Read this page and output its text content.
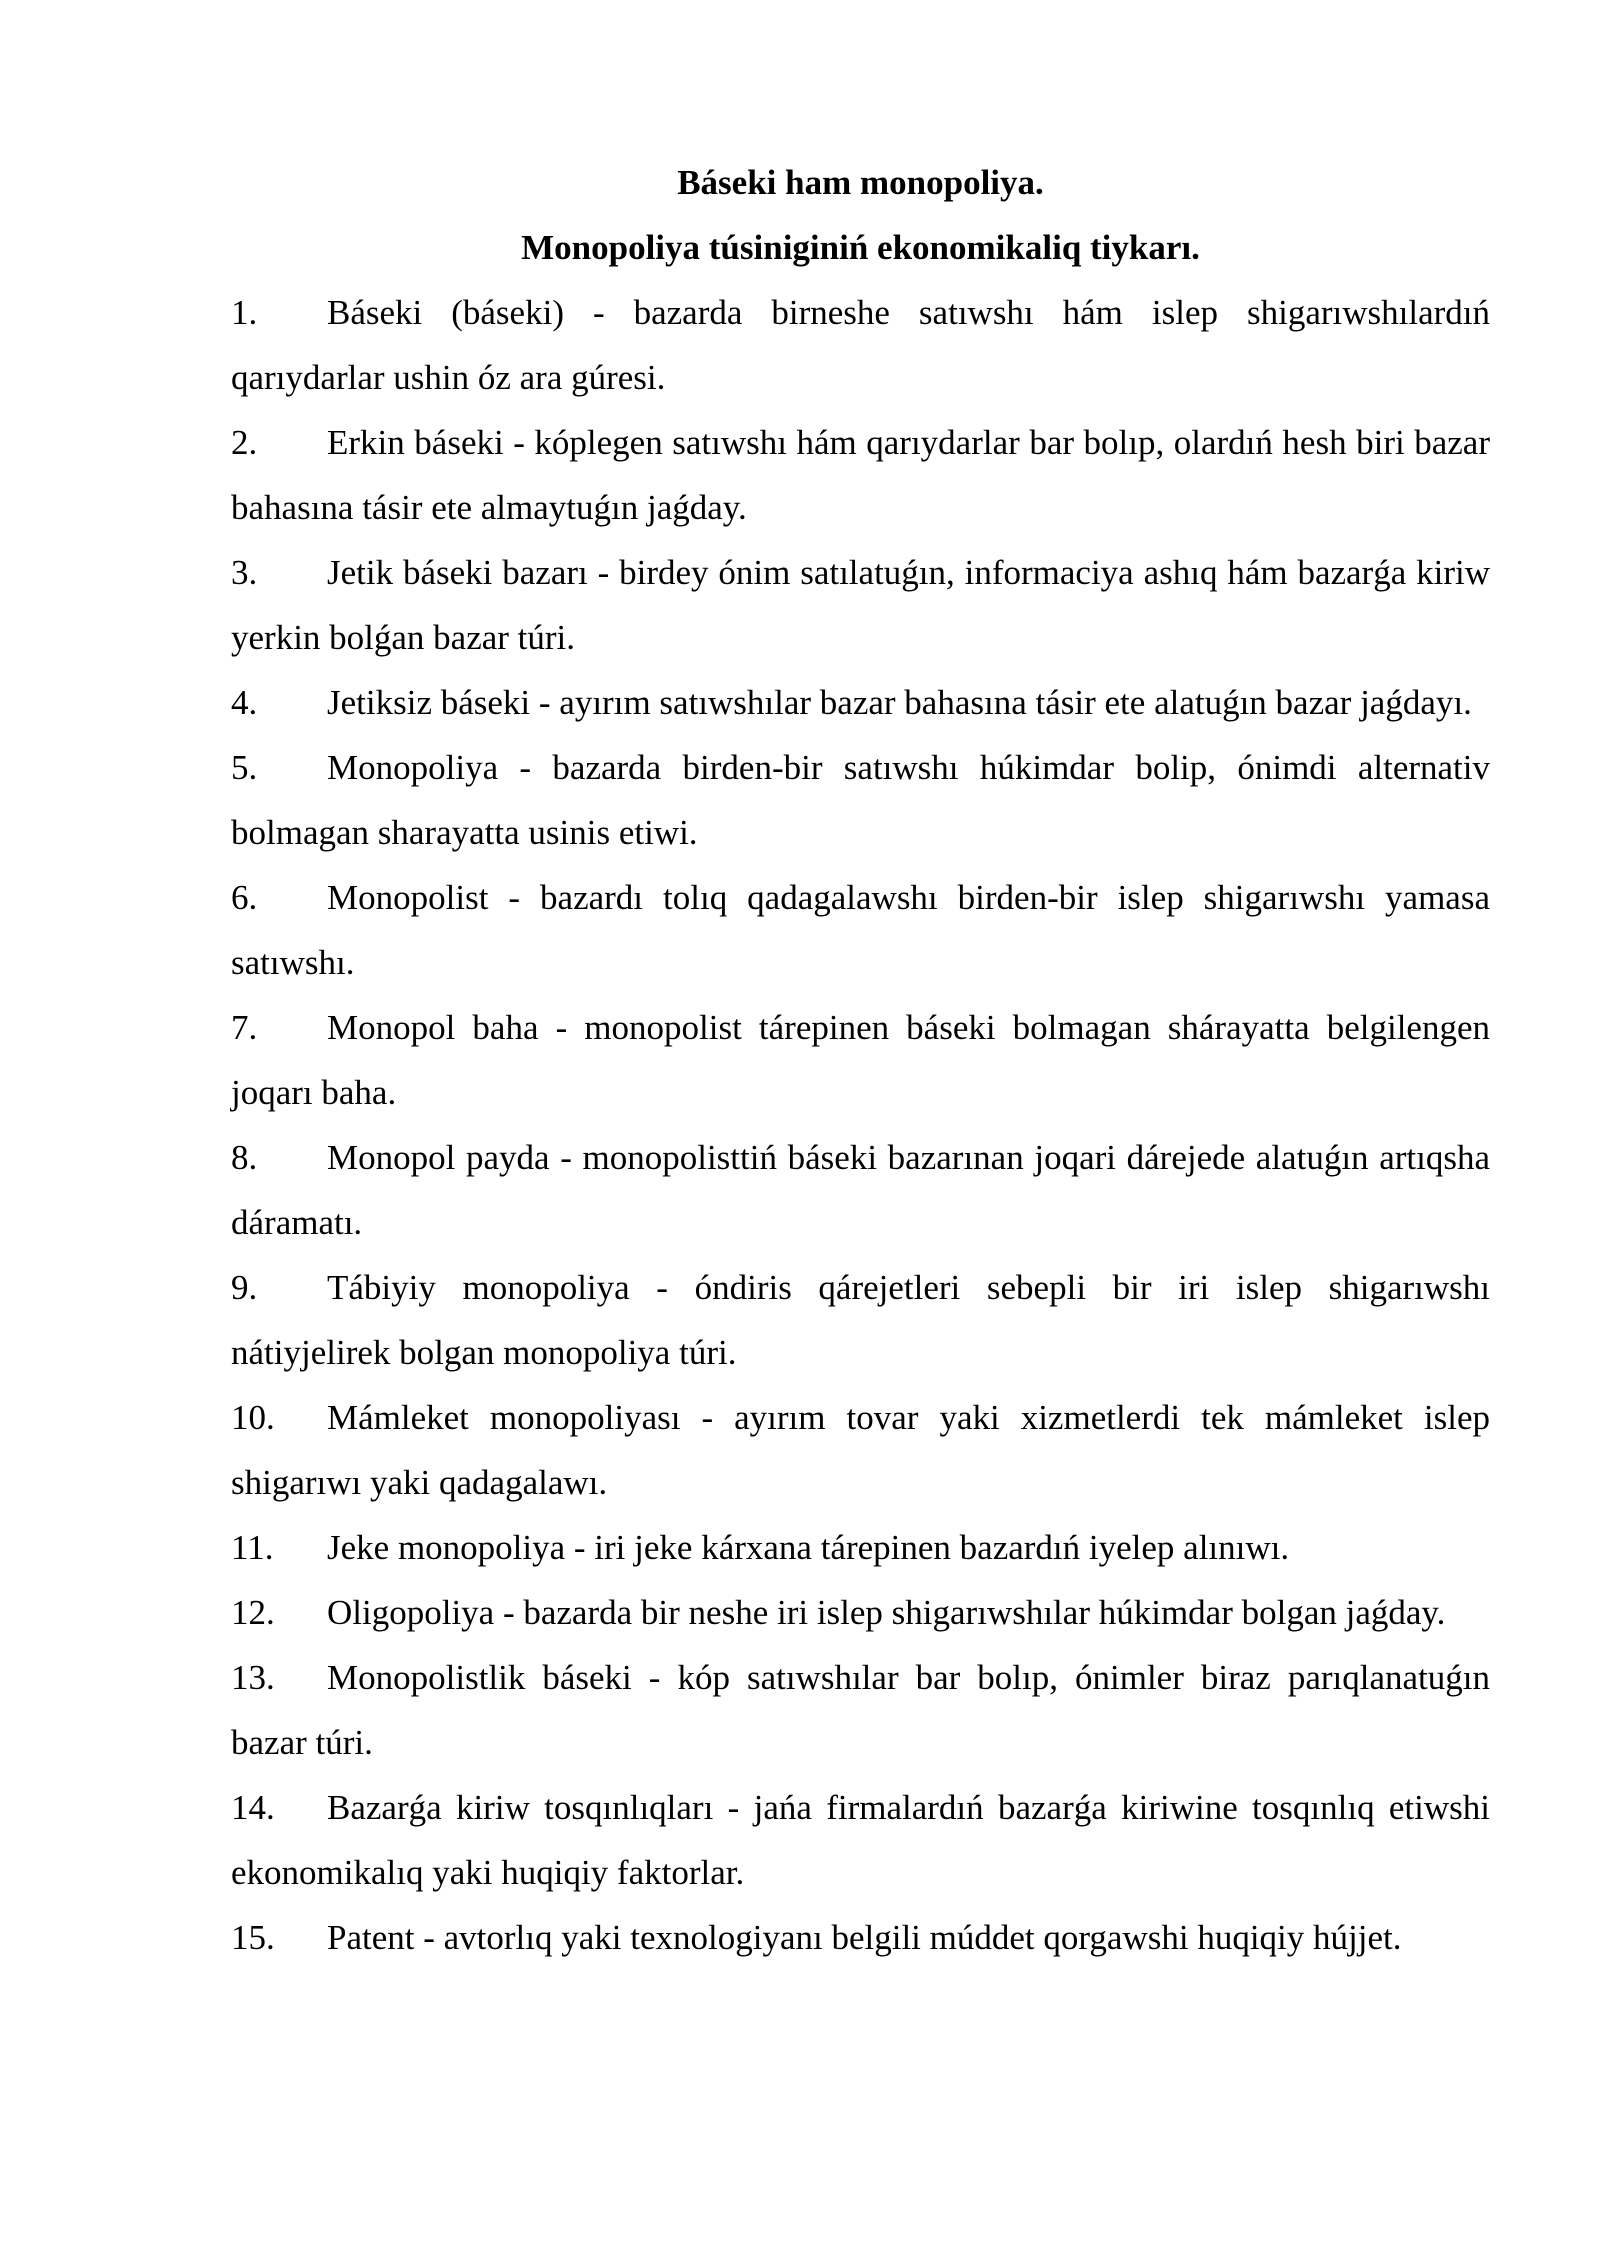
Báseki ham monopoliya.
Monopoliya túsiniginiń ekonomikaliq tiykarı.
1. Báseki (báseki) - bazarda birneshe satıwshı hám islep shigarıwshılardıń qarıydarlar ushin óz ara gúresi.
2. Erkin báseki - kóplegen satıwshı hám qarıydarlar bar bolıp, olardıń hesh biri bazar bahasına tásir ete almaytuǵın jaǵday.
3. Jetik báseki bazarı - birdey ónim satılatuǵın, informaciya ashıq hám bazarǵa kiriw yerkin bolǵan bazar túri.
4. Jetiksiz báseki - ayırım satıwshılar bazar bahasına tásir ete alatuǵın bazar jaǵdayı.
5. Monopoliya - bazarda birden-bir satıwshı húkimdar bolip, ónimdi alternativ bolmagan sharayatta usinis etiwi.
6. Monopolist - bazardı tolıq qadagalawshı birden-bir islep shigarıwshı yamasa satıwshı.
7. Monopol baha - monopolist tárepinen báseki bolmagan shárayatta belgilengen joqarı baha.
8. Monopol payda - monopolisttiń báseki bazarınan joqari dárejede alatuǵın artıqsha dáramatı.
9. Tábiyiy monopoliya - óndiris qárejetleri sebepli bir iri islep shigarıwshı nátiyjelirek bolgan monopoliya túri.
10. Mámleket monopoliyası - ayırım tovar yaki xizmetlerdi tek mámleket islep shigarıwı yaki qadagalawı.
11. Jeke monopoliya - iri jeke kárxana tárepinen bazardıń iyelep alınıwı.
12. Oligopoliya - bazarda bir neshe iri islep shigarıwshılar húkimdar bolgan jaǵday.
13. Monopolistlik báseki - kóp satıwshılar bar bolıp, ónimler biraz parıqlanatuǵın bazar túri.
14. Bazarǵa kiriw tosqınlıqları - jańa firmalardıń bazarǵa kiriwine tosqınlıq etiwshi ekonomikalıq yaki huqiqiy faktorlar.
15. Patent - avtorlıq yaki texnologiyanı belgili múddet qorgawshi huqiqiy hújjet.
